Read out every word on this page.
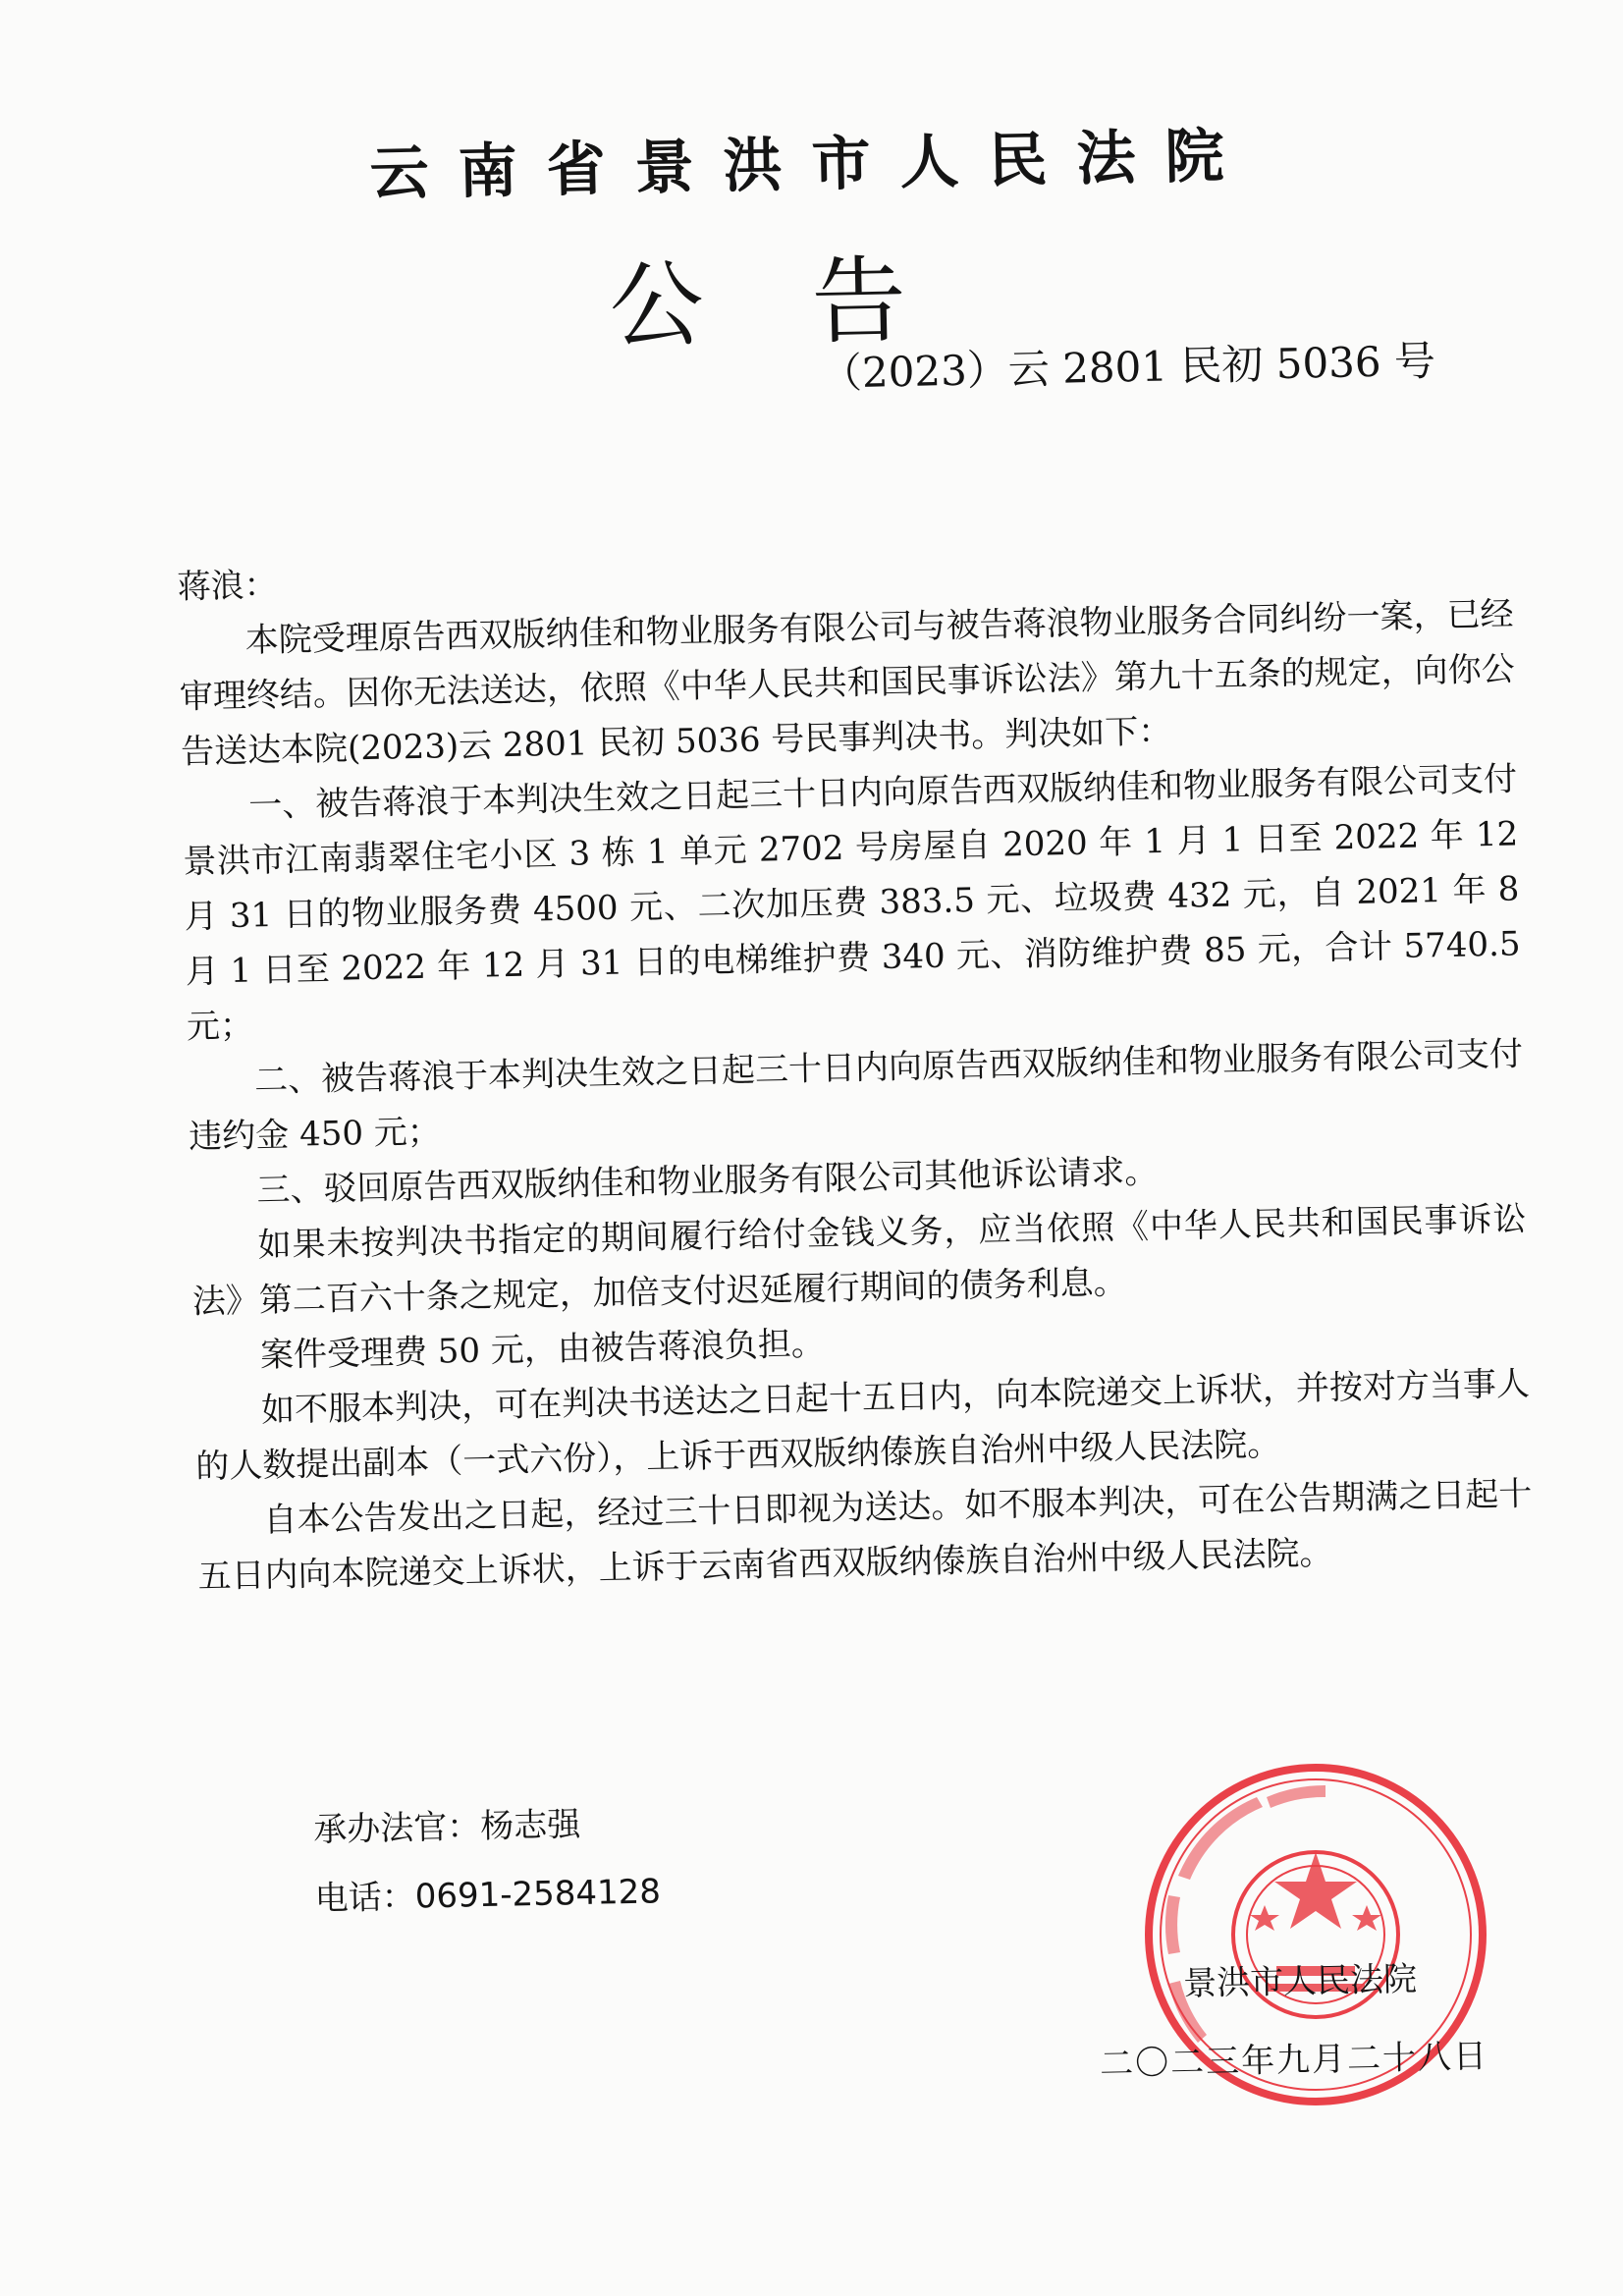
云南省景洪市人民法院
公告
（2023）云 2801 民初 5036 号

蒋浪：

本院受理原告西双版纳佳和物业服务有限公司与被告蒋浪物业服务合同纠纷一案，已经审理终结。因你无法送达，依照《中华人民共和国民事诉讼法》第九十五条的规定，向你公告送达本院(2023)云 2801 民初 5036 号民事判决书。判决如下：

一、被告蒋浪于本判决生效之日起三十日内向原告西双版纳佳和物业服务有限公司支付景洪市江南翡翠住宅小区 3 栋 1 单元 2702 号房屋自 2020 年 1 月 1 日至 2022 年 12 月 31 日的物业服务费 4500 元、二次加压费 383.5 元、垃圾费 432 元，自 2021 年 8 月 1 日至 2022 年 12 月 31 日的电梯维护费 340 元、消防维护费 85 元，合计 5740.5 元；

二、被告蒋浪于本判决生效之日起三十日内向原告西双版纳佳和物业服务有限公司支付违约金 450 元；

三、驳回原告西双版纳佳和物业服务有限公司其他诉讼请求。

如果未按判决书指定的期间履行给付金钱义务，应当依照《中华人民共和国民事诉讼法》第二百六十条之规定，加倍支付迟延履行期间的债务利息。

案件受理费 50 元，由被告蒋浪负担。

如不服本判决，可在判决书送达之日起十五日内，向本院递交上诉状，并按对方当事人的人数提出副本（一式六份），上诉于西双版纳傣族自治州中级人民法院。

自本公告发出之日起，经过三十日即视为送达。如不服本判决，可在公告期满之日起十五日内向本院递交上诉状，上诉于云南省西双版纳傣族自治州中级人民法院。

承办法官：杨志强
电话：0691-2584128
景洪市人民法院
二〇二三年九月二十八日
